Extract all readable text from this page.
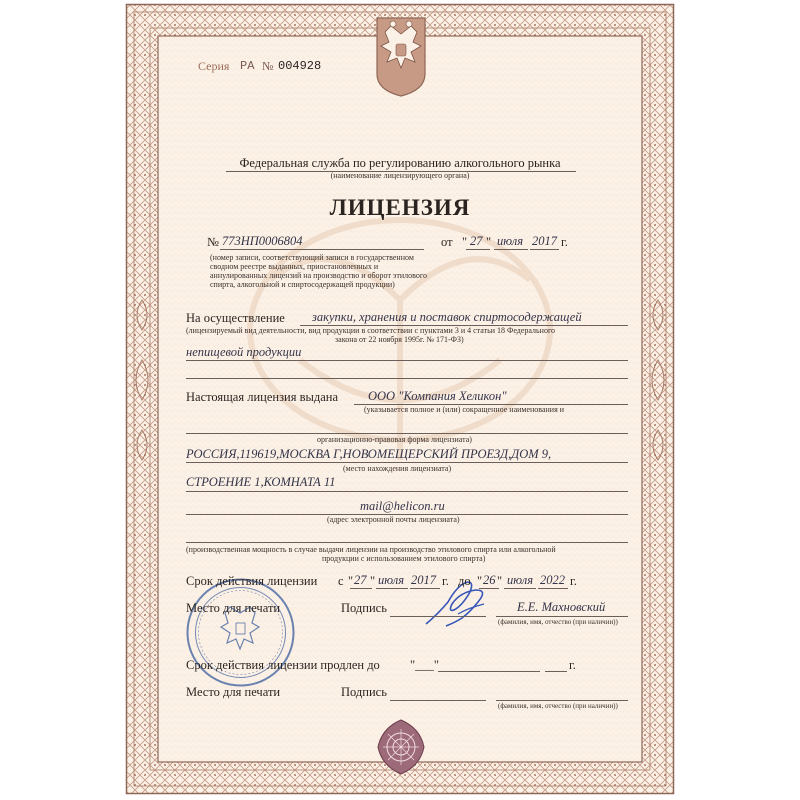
Серия РА № 004928
Федеральная служба по регулированию алкогольного рынка
(наименование лицензирующего органа)
ЛИЦЕНЗИЯ
№ 773НП0006804	от " 27 " июля 2017 г.
(номер записи, соответствующий записи в государственном
сводном реестре выданных, приостановленных и
аннулированных лицензий на производство и оборот этилового
спирта, алкогольной и спиртосодержащей продукции)
На осуществление закупки, хранения и поставок спиртосодержащей
(лицензируемый вид деятельности, вид продукции в соответствии с пунктами 3 и 4 статьи 18 Федерального
закона от 22 ноября 1995г. № 171-ФЗ)
непищевой продукции
Настоящая лицензия выдана ООО "Компания Хеликон"
(указывается полное и (или) сокращенное наименования и
организационно-правовая форма лицензиата)
РОССИЯ,119619,МОСКВА Г,НОВОМЕЩЕРСКИЙ ПРОЕЗД,ДОМ 9,
(место нахождения лицензиата)
СТРОЕНИЕ 1,КОМНАТА 11
mail@helicon.ru
(адрес электронной почты лицензиата)
(производственная мощность в случае выдачи лицензии на производство этилового спирта или алкогольной
продукции с использованием этилового спирта)
Срок действия лицензии с " 27 " июля 2017 г. до " 26 " июля 2022 г.
Место для печати	Подпись	Е.Е. Махновский
(фамилия, имя, отчество (при наличии))
Срок действия лицензии продлен до "___"	г.
Место для печати	Подпись
(фамилия, имя, отчество (при наличии))
